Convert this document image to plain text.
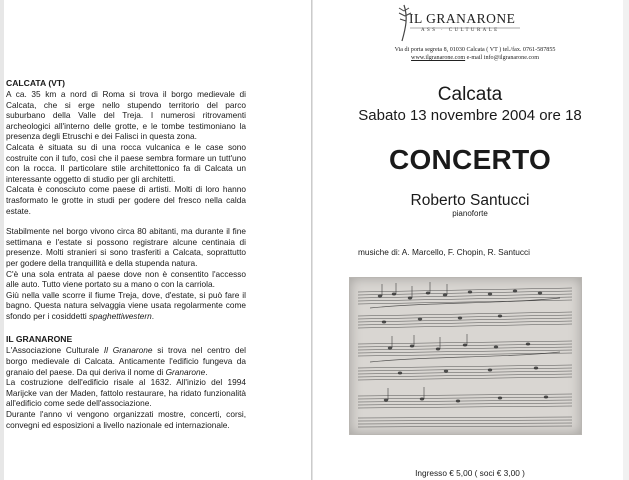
CALCATA (VT)

A ca. 35 km a nord di Roma si trova il borgo medievale di Calcata, che si erge nello stupendo territorio del parco suburbano della Valle del Treja. I numerosi ritrovamenti archeologici all'interno delle grotte, e le tombe testimoniano la presenza degli Etruschi e dei Falisci in questa zona.

Calcata è situata su di una rocca vulcanica e le case sono costruite con il tufo, così che il paese sembra formare un tutt'uno con la rocca. Il particolare stile architettonico fa di Calcata un interessante oggetto di studio per gli architetti.

Calcata è conosciuto come paese di artisti. Molti di loro hanno trasformato le grotte in studi per godere del fresco nella calda estate.

Stabilmente nel borgo vivono circa 80 abitanti, ma durante il fine settimana e l'estate si possono registrare alcune centinaia di presenze. Molti stranieri si sono trasferiti a Calcata, soprattutto per godere della tranquillità e della stupenda natura.

C'è una sola entrata al paese dove non è consentito l'accesso alle auto. Tutto viene portato su a mano o con la carriola.

Giù nella valle scorre il fiume Treja, dove, d'estate, si può fare il bagno. Questa natura selvaggia viene usata regolarmente come sfondo per i cosiddetti spaghettiwestern.

IL GRANARONE

L'Associazione Culturale Il Granarone si trova nel centro del borgo medievale di Calcata. Anticamente l'edificio fungeva da granaio del paese. Da qui deriva il nome di Granarone.

La costruzione dell'edificio risale al 1632. All'inizio del 1994 Marijcke van der Maden, fattolo restaurare, ha ridato funzionalità all'edificio come sede dell'associazione.

Durante l'anno vi vengono organizzati mostre, concerti, corsi, convegni ed esposizioni a livello nazionale ed internazionale.

IL GRANARONE
ASS · CULTURALE
Via di porta segreta 8, 01030 Calcata ( VT ) tel./fax. 0761-587855
www.ilgranarone.com e-mail info@ilgranarone.com
Calcata
Sabato 13 novembre 2004 ore 18
CONCERTO
Roberto Santucci
pianoforte
musiche di: A. Marcello, F. Chopin, R. Santucci
Ingresso € 5,00 ( soci € 3,00 )
